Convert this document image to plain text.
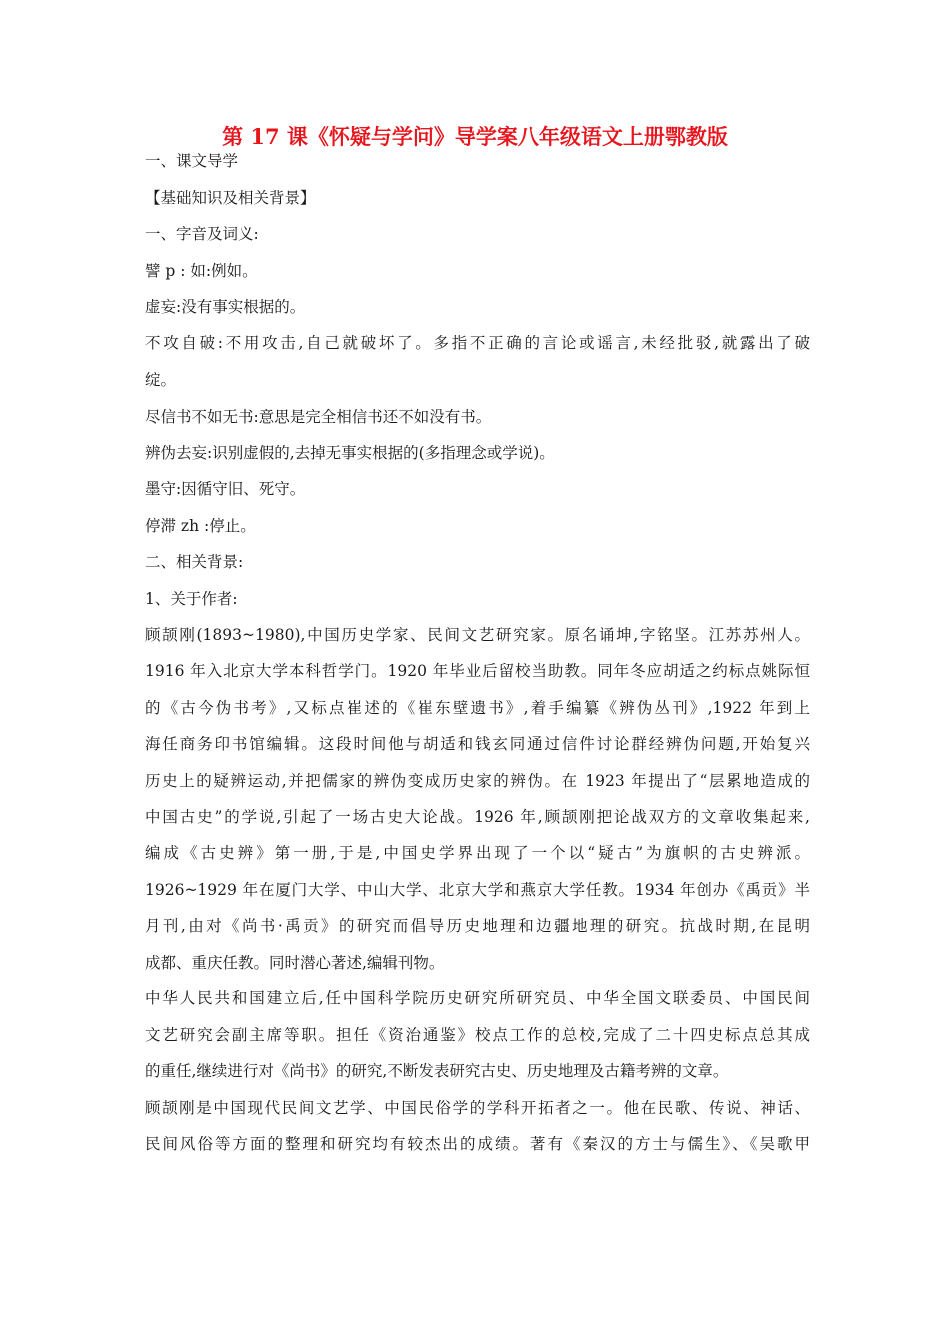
第 17 课《怀疑与学问》导学案八年级语文上册鄂教版
一、课文导学
【基础知识及相关背景】
一、字音及词义:
譬 p : 如:例如。
虚妄:没有事实根据的。
不攻自破:不用攻击,自己就破坏了。多指不正确的言论或谣言,未经批驳,就露出了破
绽。
尽信书不如无书:意思是完全相信书还不如没有书。
辨伪去妄:识别虚假的,去掉无事实根据的(多指理念或学说)。
墨守:因循守旧、死守。
停滞 zh :停止。
二、相关背景:
1、关于作者:
顾颉刚(1893~1980),中国历史学家、民间文艺研究家。原名诵坤,字铭坚。江苏苏州人。
1916 年入北京大学本科哲学门。1920 年毕业后留校当助教。同年冬应胡适之约标点姚际恒
的《古今伪书考》,又标点崔述的《崔东壁遗书》,着手编纂《辨伪丛刊》,1922 年到上
海任商务印书馆编辑。这段时间他与胡适和钱玄同通过信件讨论群经辨伪问题,开始复兴
历史上的疑辨运动,并把儒家的辨伪变成历史家的辨伪。在 1923 年提出了“层累地造成的
中国古史”的学说,引起了一场古史大论战。1926 年,顾颉刚把论战双方的文章收集起来,
编成《古史辨》第一册,于是,中国史学界出现了一个以“疑古”为旗帜的古史辨派。
1926~1929 年在厦门大学、中山大学、北京大学和燕京大学任教。1934 年创办《禹贡》半
月刊,由对《尚书·禹贡》的研究而倡导历史地理和边疆地理的研究。抗战时期,在昆明
成都、重庆任教。同时潜心著述,编辑刊物。
中华人民共和国建立后,任中国科学院历史研究所研究员、中华全国文联委员、中国民间
文艺研究会副主席等职。担任《资治通鉴》校点工作的总校,完成了二十四史标点总其成
的重任,继续进行对《尚书》的研究,不断发表研究古史、历史地理及古籍考辨的文章。
顾颉刚是中国现代民间文艺学、中国民俗学的学科开拓者之一。他在民歌、传说、神话、
民间风俗等方面的整理和研究均有较杰出的成绩。著有《秦汉的方士与儒生》、《吴歌甲
